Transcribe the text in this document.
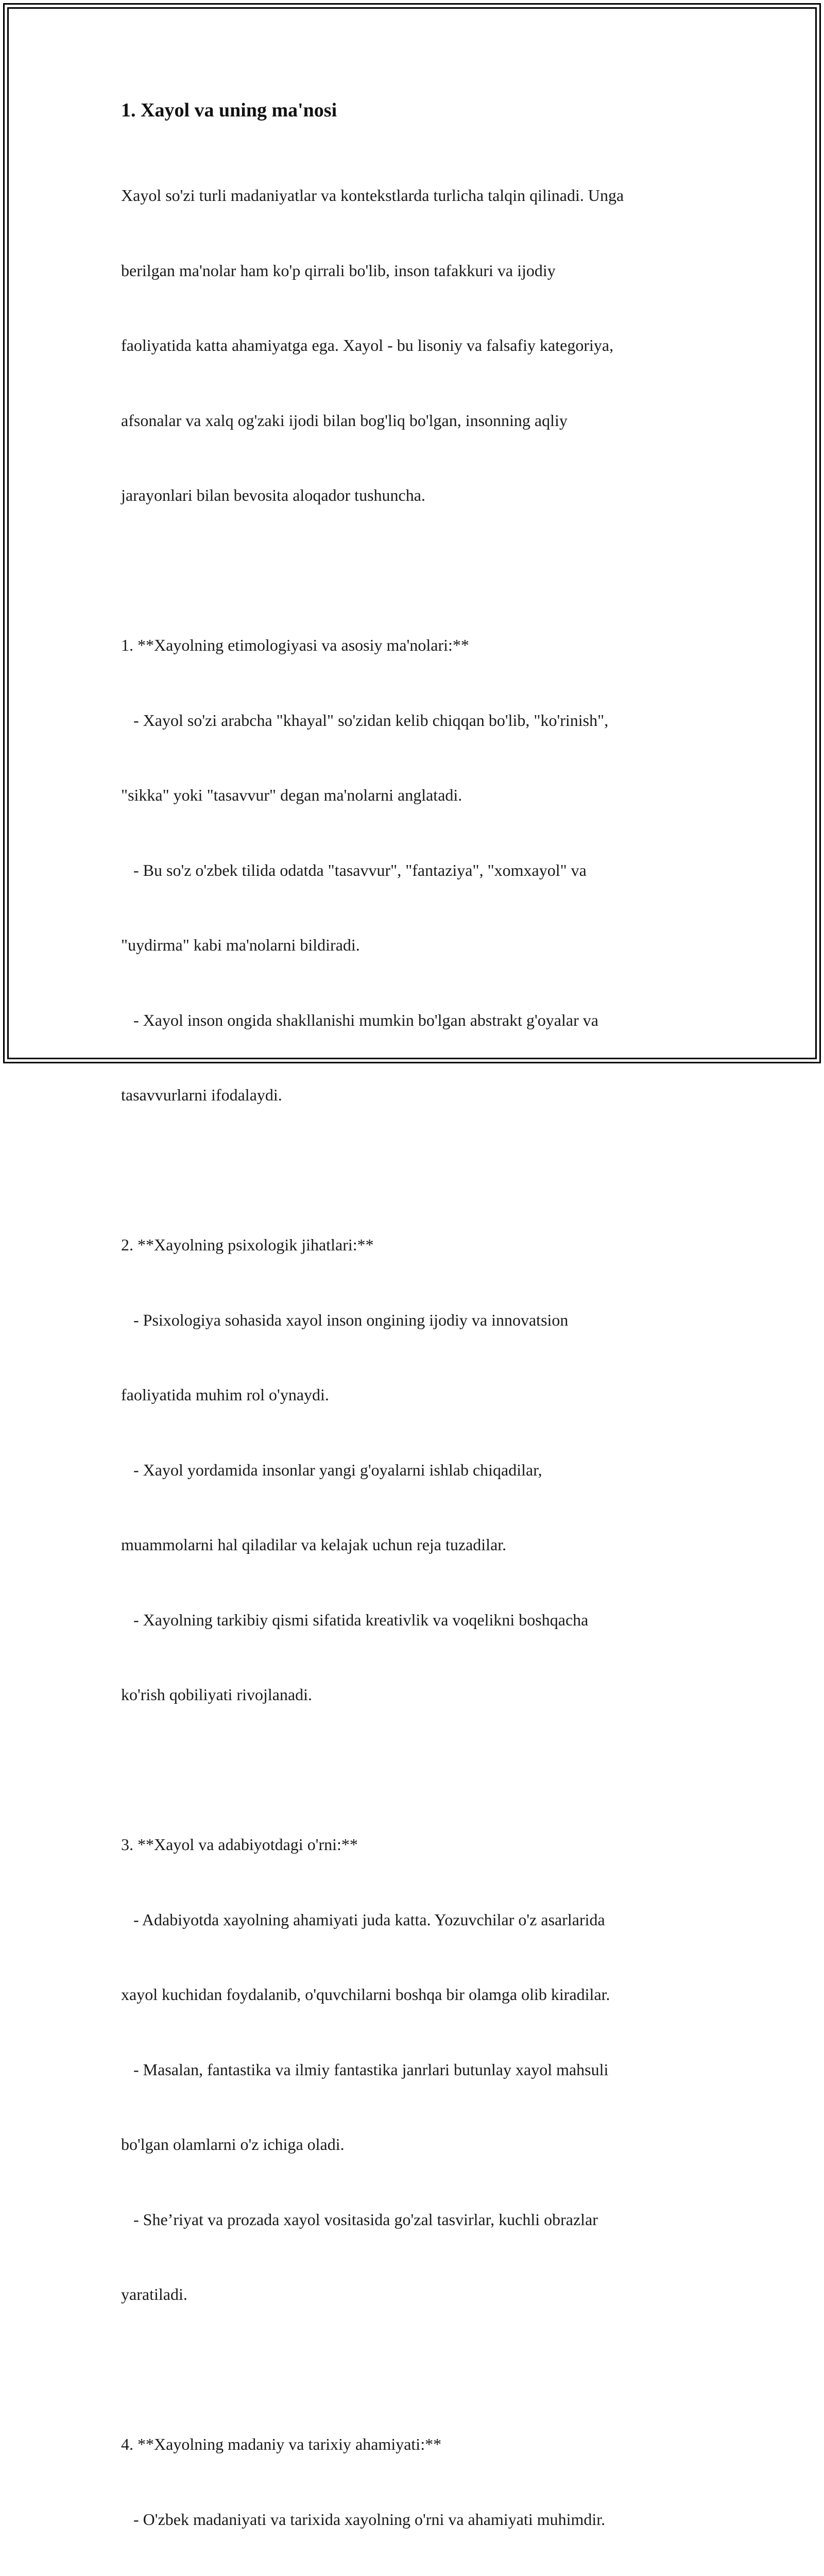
1. Xayol va uning ma'nosi

Xayol so'zi turli madaniyatlar va kontekstlarda turlicha talqin qilinadi. Unga

berilgan ma'nolar ham ko'p qirrali bo'lib, inson tafakkuri va ijodiy

faoliyatida katta ahamiyatga ega. Xayol - bu lisoniy va falsafiy kategoriya,

afsonalar va xalq og'zaki ijodi bilan bog'liq bo'lgan, insonning aqliy

jarayonlari bilan bevosita aloqador tushuncha.

1. **Xayolning etimologiyasi va asosiy ma'nolari:**

- Xayol so'zi arabcha "khayal" so'zidan kelib chiqqan bo'lib, "ko'rinish",

"sikka" yoki "tasavvur" degan ma'nolarni anglatadi.

- Bu so'z o'zbek tilida odatda "tasavvur", "fantaziya", "xomxayol" va

"uydirma" kabi ma'nolarni bildiradi.

- Xayol inson ongida shakllanishi mumkin bo'lgan abstrakt g'oyalar va

tasavvurlarni ifodalaydi.

2. **Xayolning psixologik jihatlari:**

- Psixologiya sohasida xayol inson ongining ijodiy va innovatsion

faoliyatida muhim rol o'ynaydi.

- Xayol yordamida insonlar yangi g'oyalarni ishlab chiqadilar,

muammolarni hal qiladilar va kelajak uchun reja tuzadilar.

- Xayolning tarkibiy qismi sifatida kreativlik va voqelikni boshqacha

ko'rish qobiliyati rivojlanadi.

3. **Xayol va adabiyotdagi o'rni:**

- Adabiyotda xayolning ahamiyati juda katta. Yozuvchilar o'z asarlarida

xayol kuchidan foydalanib, o'quvchilarni boshqa bir olamga olib kiradilar.

- Masalan, fantastika va ilmiy fantastika janrlari butunlay xayol mahsuli

bo'lgan olamlarni o'z ichiga oladi.

- She’riyat va prozada xayol vositasida go'zal tasvirlar, kuchli obrazlar

yaratiladi.

4. **Xayolning madaniy va tarixiy ahamiyati:**

- O'zbek madaniyati va tarixida xayolning o'rni va ahamiyati muhimdir.
